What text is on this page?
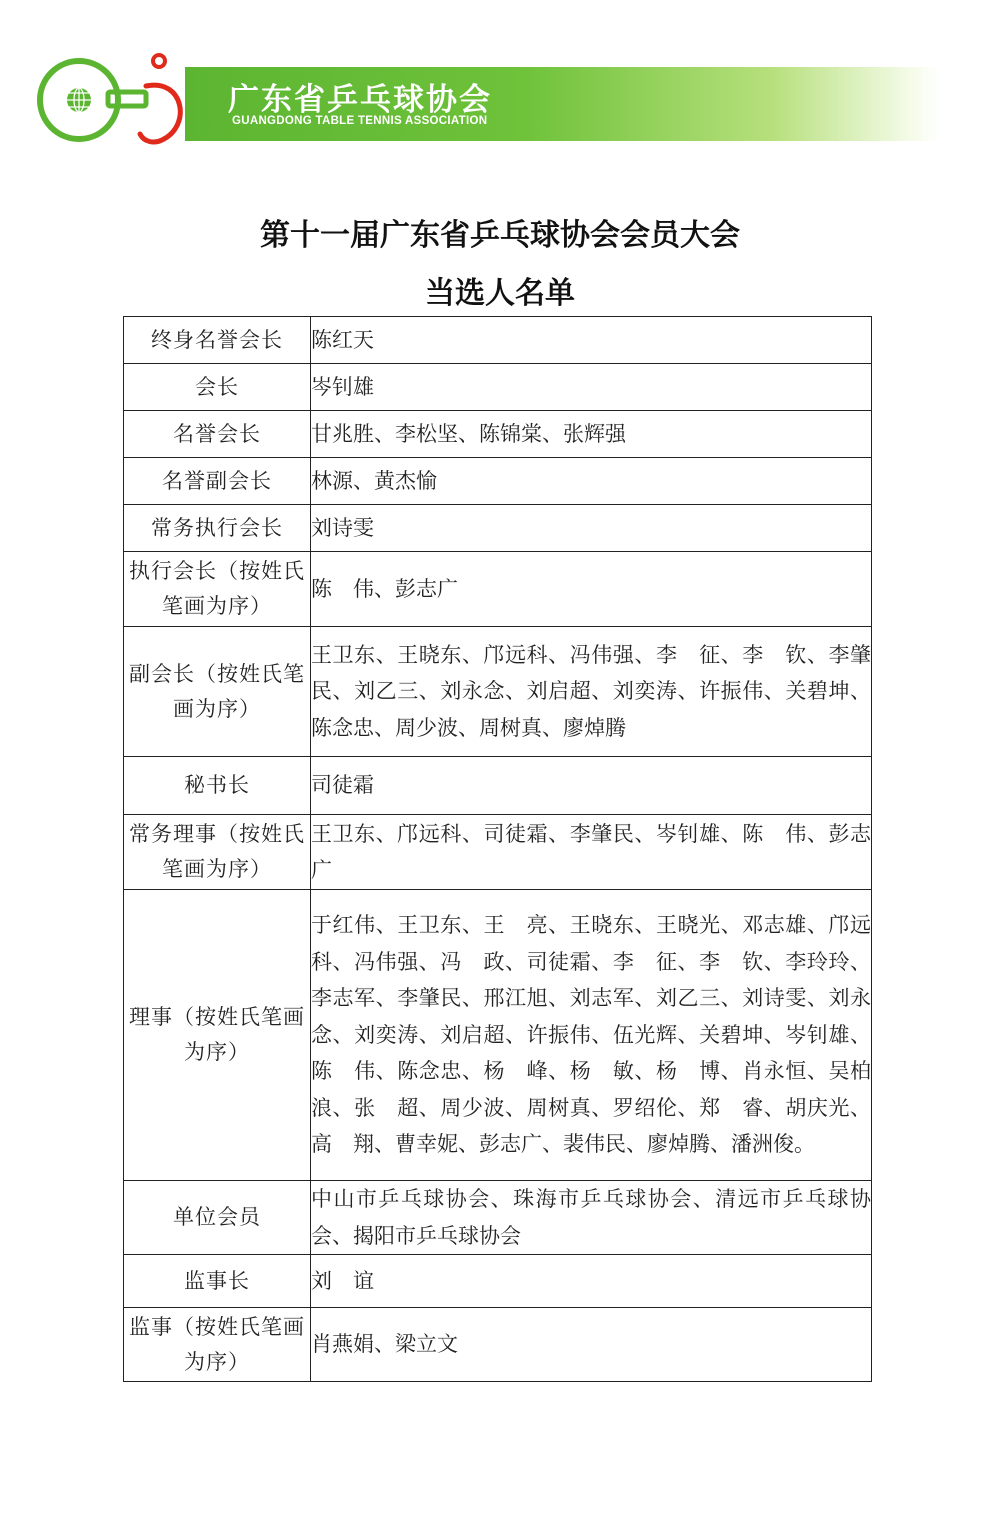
广东省乒乓球协会
GUANGDONG TABLE TENNIS ASSOCIATION
第十一届广东省乒乓球协会会员大会
当选人名单
终身名誉会长	陈红天
会长	岑钊雄
名誉会长	甘兆胜、李松坚、陈锦棠、张辉强
名誉副会长	林源、黄杰愉
常务执行会长	刘诗雯
执行会长（按姓氏笔画为序）	陈　伟、彭志广
副会长（按姓氏笔画为序）	王卫东、王晓东、邝远科、冯伟强、李　征、李　钦、李肇民、刘乙三、刘永念、刘启超、刘奕涛、许振伟、关碧坤、陈念忠、周少波、周树真、廖焯腾
秘书长	司徒霜
常务理事（按姓氏笔画为序）	王卫东、邝远科、司徒霜、李肇民、岑钊雄、陈　伟、彭志广
理事（按姓氏笔画为序）	于红伟、王卫东、王　亮、王晓东、王晓光、邓志雄、邝远科、冯伟强、冯　政、司徒霜、李　征、李　钦、李玲玲、李志军、李肇民、邢江旭、刘志军、刘乙三、刘诗雯、刘永念、刘奕涛、刘启超、许振伟、伍光辉、关碧坤、岑钊雄、陈　伟、陈念忠、杨　峰、杨　敏、杨　博、肖永恒、吴柏浪、张　超、周少波、周树真、罗绍伦、郑　睿、胡庆光、高　翔、曹幸妮、彭志广、裴伟民、廖焯腾、潘洲俊。
单位会员	中山市乒乓球协会、珠海市乒乓球协会、清远市乒乓球协会、揭阳市乒乓球协会
监事长	刘　谊
监事（按姓氏笔画为序）	肖燕娟、梁立文
